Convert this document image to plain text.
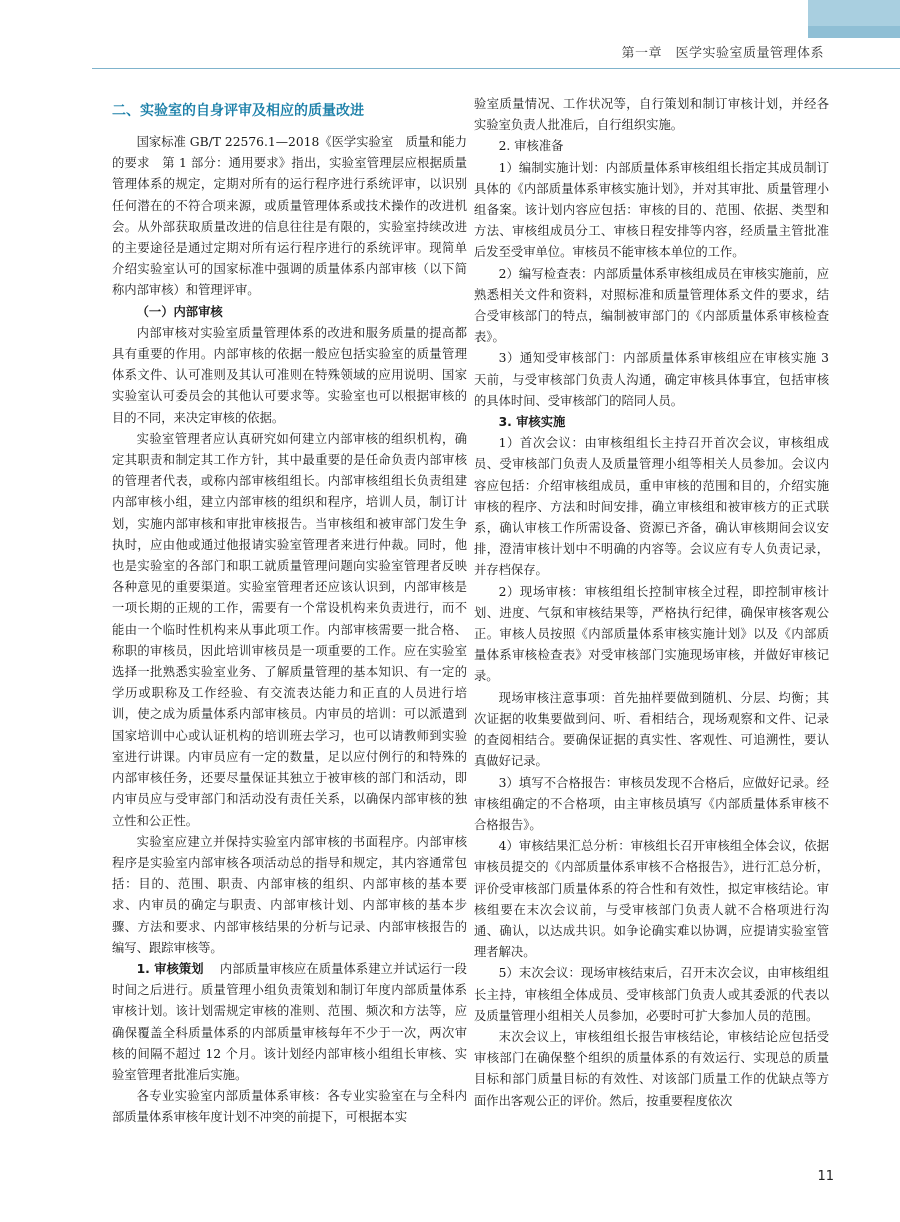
第一章　医学实验室质量管理体系
二、实验室的自身评审及相应的质量改进

国家标准 GB/T 22576.1—2018《医学实验室　质量和能力的要求　第 1 部分：通用要求》指出，实验室管理层应根据质量管理体系的规定，定期对所有的运行程序进行系统评审，以识别任何潜在的不符合项来源，或质量管理体系或技术操作的改进机会。从外部获取质量改进的信息往往是有限的，实验室持续改进的主要途径是通过定期对所有运行程序进行的系统评审。现简单介绍实验室认可的国家标准中强调的质量体系内部审核（以下简称内部审核）和管理评审。

（一）内部审核

内部审核对实验室质量管理体系的改进和服务质量的提高都具有重要的作用。内部审核的依据一般应包括实验室的质量管理体系文件、认可准则及其认可准则在特殊领域的应用说明、国家实验室认可委员会的其他认可要求等。实验室也可以根据审核的目的不同，来决定审核的依据。

实验室管理者应认真研究如何建立内部审核的组织机构，确定其职责和制定其工作方针，其中最重要的是任命负责内部审核的管理者代表，或称内部审核组组长。内部审核组组长负责组建内部审核小组，建立内部审核的组织和程序，培训人员，制订计划，实施内部审核和审批审核报告。当审核组和被审部门发生争执时，应由他或通过他报请实验室管理者来进行仲裁。同时，他也是实验室的各部门和职工就质量管理问题向实验室管理者反映各种意见的重要渠道。实验室管理者还应该认识到，内部审核是一项长期的正规的工作，需要有一个常设机构来负责进行，而不能由一个临时性机构来从事此项工作。内部审核需要一批合格、称职的审核员，因此培训审核员是一项重要的工作。应在实验室选择一批熟悉实验室业务、了解质量管理的基本知识、有一定的学历或职称及工作经验、有交流表达能力和正直的人员进行培训，使之成为质量体系内部审核员。内审员的培训：可以派遣到国家培训中心或认证机构的培训班去学习，也可以请教师到实验室进行讲课。内审员应有一定的数量，足以应付例行的和特殊的内部审核任务，还要尽量保证其独立于被审核的部门和活动，即内审员应与受审部门和活动没有责任关系，以确保内部审核的独立性和公正性。

实验室应建立并保持实验室内部审核的书面程序。内部审核程序是实验室内部审核各项活动总的指导和规定，其内容通常包括：目的、范围、职责、内部审核的组织、内部审核的基本要求、内审员的确定与职责、内部审核计划、内部审核的基本步骤、方法和要求、内部审核结果的分析与记录、内部审核报告的编写、跟踪审核等。

1. 审核策划　 内部质量审核应在质量体系建立并试运行一段时间之后进行。质量管理小组负责策划和制订年度内部质量体系审核计划。该计划需规定审核的准则、范围、频次和方法等，应确保覆盖全科质量体系的内部质量审核每年不少于一次，两次审核的间隔不超过 12 个月。该计划经内部审核小组组长审核、实验室管理者批准后实施。

各专业实验室内部质量体系审核：各专业实验室在与全科内部质量体系审核年度计划不冲突的前提下，可根据本实

验室质量情况、工作状况等，自行策划和制订审核计划，并经各实验室负责人批准后，自行组织实施。

2. 审核准备

1）编制实施计划：内部质量体系审核组组长指定其成员制订具体的《内部质量体系审核实施计划》，并对其审批、质量管理小组备案。该计划内容应包括：审核的目的、范围、依据、类型和方法、审核组成员分工、审核日程安排等内容，经质量主管批准后发至受审单位。审核员不能审核本单位的工作。

2）编写检查表：内部质量体系审核组成员在审核实施前，应熟悉相关文件和资料，对照标准和质量管理体系文件的要求，结合受审核部门的特点，编制被审部门的《内部质量体系审核检查表》。

3）通知受审核部门：内部质量体系审核组应在审核实施 3 天前，与受审核部门负责人沟通，确定审核具体事宜，包括审核的具体时间、受审核部门的陪同人员。

3. 审核实施

1）首次会议：由审核组组长主持召开首次会议，审核组成员、受审核部门负责人及质量管理小组等相关人员参加。会议内容应包括：介绍审核组成员，重申审核的范围和目的，介绍实施审核的程序、方法和时间安排，确立审核组和被审核方的正式联系，确认审核工作所需设备、资源已齐备，确认审核期间会议安排，澄清审核计划中不明确的内容等。会议应有专人负责记录，并存档保存。

2）现场审核：审核组组长控制审核全过程，即控制审核计划、进度、气氛和审核结果等，严格执行纪律，确保审核客观公正。审核人员按照《内部质量体系审核实施计划》以及《内部质量体系审核检查表》对受审核部门实施现场审核，并做好审核记录。

现场审核注意事项：首先抽样要做到随机、分层、均衡；其次证据的收集要做到问、听、看相结合，现场观察和文件、记录的查阅相结合。要确保证据的真实性、客观性、可追溯性，要认真做好记录。

3）填写不合格报告：审核员发现不合格后，应做好记录。经审核组确定的不合格项，由主审核员填写《内部质量体系审核不合格报告》。

4）审核结果汇总分析：审核组长召开审核组全体会议，依据审核员提交的《内部质量体系审核不合格报告》，进行汇总分析，评价受审核部门质量体系的符合性和有效性，拟定审核结论。审核组要在末次会议前，与受审核部门负责人就不合格项进行沟通、确认，以达成共识。如争论确实难以协调，应提请实验室管理者解决。

5）末次会议：现场审核结束后，召开末次会议，由审核组组长主持，审核组全体成员、受审核部门负责人或其委派的代表以及质量管理小组相关人员参加，必要时可扩大参加人员的范围。

末次会议上，审核组组长报告审核结论，审核结论应包括受审核部门在确保整个组织的质量体系的有效运行、实现总的质量目标和部门质量目标的有效性、对该部门质量工作的优缺点等方面作出客观公正的评价。然后，按重要程度依次

11
